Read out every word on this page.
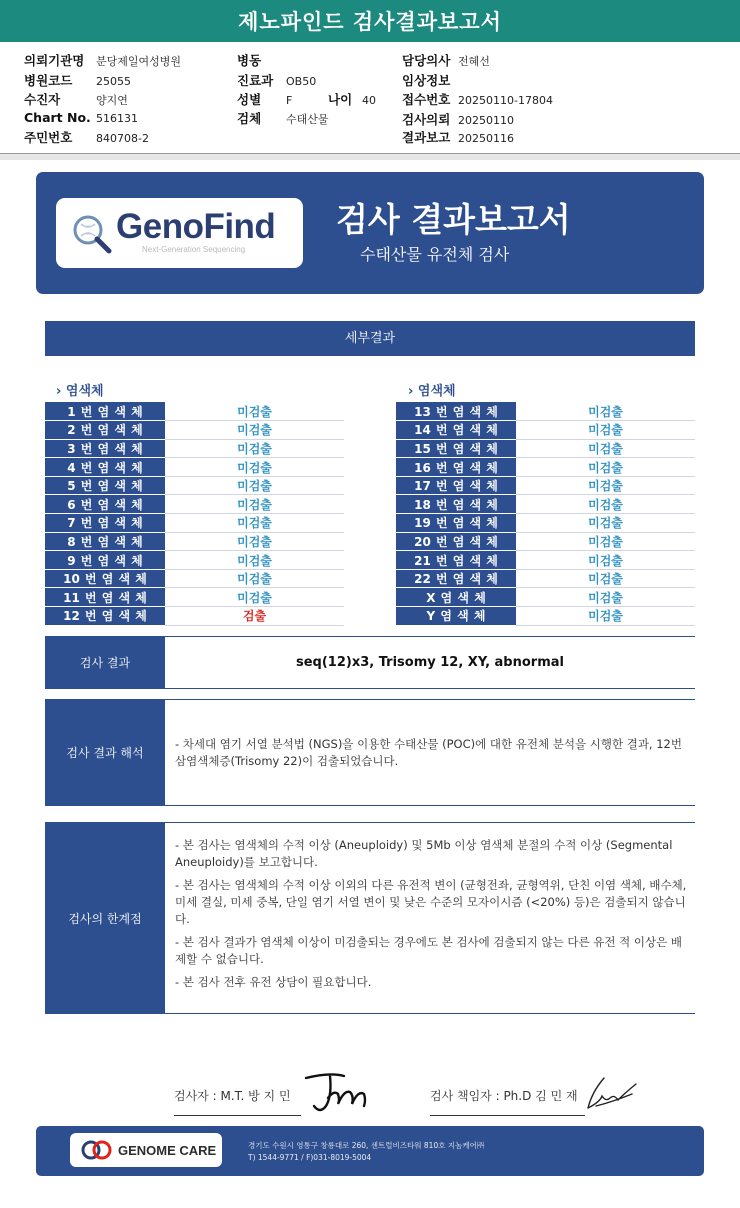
제노파인드 검사결과보고서
의뢰기관명 분당제일여성병원
병원코드 25055
수진자	양지연
Chart No. 516131
주민번호 840708-2
병동
진료과 OB50
성별 F	나이 40
검체 수태산물
담당의사 전혜선
임상정보
접수번호 20250110-17804
검사의뢰 20250110
결과보고 20250116
GenoFind
Next-Generation Sequencing
검사 결과보고서
수태산물 유전체 검사
세부결과
› 염색체	› 염색체
1 번 염 색 체	미검출
2 번 염 색 체	미검출
3 번 염 색 체	미검출
4 번 염 색 체	미검출
5 번 염 색 체	미검출
6 번 염 색 체	미검출
7 번 염 색 체	미검출
8 번 염 색 체	미검출
9 번 염 색 체	미검출
10 번 염 색 체	미검출
11 번 염 색 체	미검출
12 번 염 색 체	검출
13 번 염 색 체	미검출
14 번 염 색 체	미검출
15 번 염 색 체	미검출
16 번 염 색 체	미검출
17 번 염 색 체	미검출
18 번 염 색 체	미검출
19 번 염 색 체	미검출
20 번 염 색 체	미검출
21 번 염 색 체	미검출
22 번 염 색 체	미검출
X 염 색 체	미검출
Y 염 색 체	미검출
검사 결과	seq(12)x3, Trisomy 12, XY, abnormal
검사 결과 해석
- 차세대 염기 서열 분석법 (NGS)을 이용한 수태산물 (POC)에 대한 유전체 분석을 시행한 결과, 12번 삼염색체증(Trisomy 22)이 검출되었습니다.
검사의 한계점

- 본 검사는 염색체의 수적 이상 (Aneuploidy) 및 5Mb 이상 염색체 분절의 수적 이상 (Segmental Aneuploidy)를 보고합니다.

- 본 검사는 염색체의 수적 이상 이외의 다른 유전적 변이 (균형전좌, 균형역위, 단친 이염 색체, 배수체, 미세 결실, 미세 중복, 단일 염기 서열 변이 및 낮은 수준의 모자이시즘 (<20%) 등)은 검출되지 않습니다.

- 본 검사 결과가 염색체 이상이 미검출되는 경우에도 본 검사에 검출되지 않는 다른 유전 적 이상은 배제할 수 없습니다.

- 본 검사 전후 유전 상담이 필요합니다.

검사자 : M.T. 방 지 민	검사 책임자 : Ph.D 김 민 재
GENOME CARE	경기도 수원시 영통구 창룡대로 260, 센트럴비즈타워 810호 지놈케어㈜
T) 1544-9771 / F)031-8019-5004
